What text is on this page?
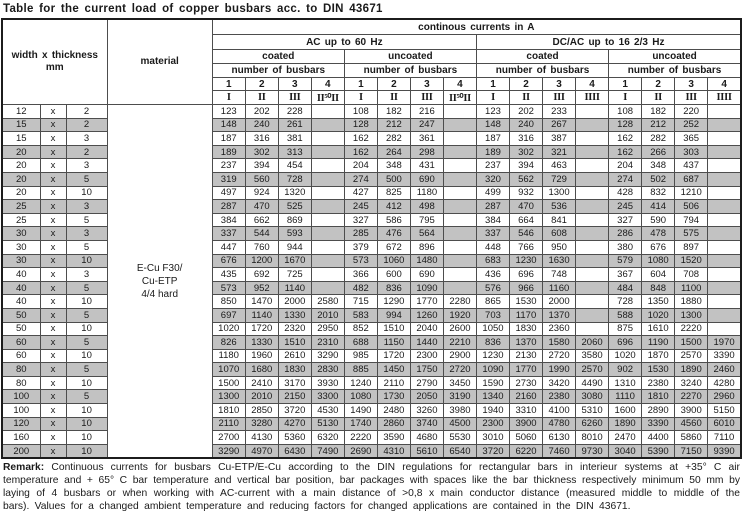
Table for the current load of copper busbars acc. to DIN 43671
width x thickness
mm			material	continous currents in A															
				AC up to 60 Hz								DC/AC up to 16 2/3 Hz							
				coated				uncoated				coated				uncoated			
				number of busbars				number of busbars				number of busbars				number of busbars			
				1	2	3	4	1	2	3	4	1	2	3	4	1	2	3	4
				I	II	III	II⁵⁰II	I	II	III	II⁵⁰II	I	II	III	IIII	I	II	III	IIII
12	x	2	E-Cu F30/
Cu-ETP
4/4 hard	123	202	228		108	182	216		123	202	233		108	182	220	
15	x	2		148	240	261		128	212	247		148	240	267		128	212	252	
15	x	3		187	316	381		162	282	361		187	316	387		162	282	365	
20	x	2		189	302	313		162	264	298		189	302	321		162	266	303	
20	x	3		237	394	454		204	348	431		237	394	463		204	348	437	
20	x	5		319	560	728		274	500	690		320	562	729		274	502	687	
20	x	10		497	924	1320		427	825	1180		499	932	1300		428	832	1210	
25	x	3		287	470	525		245	412	498		287	470	536		245	414	506	
25	x	5		384	662	869		327	586	795		384	664	841		327	590	794	
30	x	3		337	544	593		285	476	564		337	546	608		286	478	575	
30	x	5		447	760	944		379	672	896		448	766	950		380	676	897	
30	x	10		676	1200	1670		573	1060	1480		683	1230	1630		579	1080	1520	
40	x	3		435	692	725		366	600	690		436	696	748		367	604	708	
40	x	5		573	952	1140		482	836	1090		576	966	1160		484	848	1100	
40	x	10		850	1470	2000	2580	715	1290	1770	2280	865	1530	2000		728	1350	1880	
50	x	5		697	1140	1330	2010	583	994	1260	1920	703	1170	1370		588	1020	1300	
50	x	10		1020	1720	2320	2950	852	1510	2040	2600	1050	1830	2360		875	1610	2220	
60	x	5		826	1330	1510	2310	688	1150	1440	2210	836	1370	1580	2060	696	1190	1500	1970
60	x	10		1180	1960	2610	3290	985	1720	2300	2900	1230	2130	2720	3580	1020	1870	2570	3390
80	x	5		1070	1680	1830	2830	885	1450	1750	2720	1090	1770	1990	2570	902	1530	1890	2460
80	x	10		1500	2410	3170	3930	1240	2110	2790	3450	1590	2730	3420	4490	1310	2380	3240	4280
100	x	5		1300	2010	2150	3300	1080	1730	2050	3190	1340	2160	2380	3080	1110	1810	2270	2960
100	x	10		1810	2850	3720	4530	1490	2480	3260	3980	1940	3310	4100	5310	1600	2890	3900	5150
120	x	10		2110	3280	4270	5130	1740	2860	3740	4500	2300	3900	4780	6260	1890	3390	4560	6010
160	x	10		2700	4130	5360	6320	2220	3590	4680	5530	3010	5060	6130	8010	2470	4400	5860	7110
200	x	10		3290	4970	6430	7490	2690	4310	5610	6540	3720	6220	7460	9730	3040	5390	7150	9390
Remark: Continuous currents for busbars Cu-ETP/E-Cu according to the DIN regulations for rectangular bars in interieur systems at +35° C air temperature and + 65° C bar temperature and vertical bar position, bar packages with spaces like the bar thickness respectively minimum 50 mm by laying of 4 busbars or when working with AC-current with a main distance of >0,8 x main conductor distance (measured middle to middle of the bars). Values for a changed ambient temperature and reducing factors for changed applications are contained in the DIN 43671.
